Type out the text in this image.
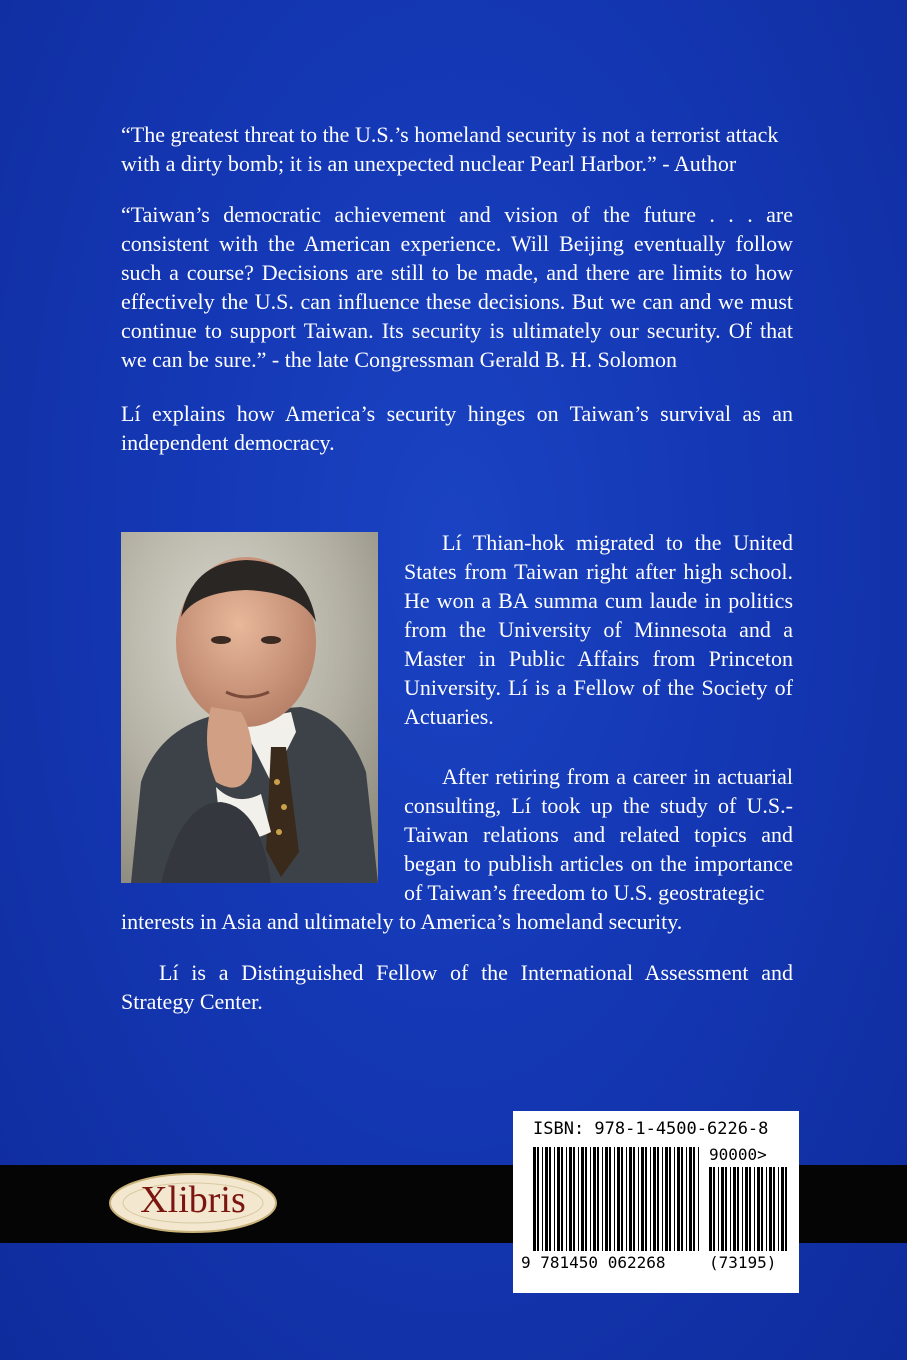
“The greatest threat to the U.S.’s homeland security is not a terrorist attack with a dirty bomb; it is an unexpected nuclear Pearl Harbor.” - Author

“Taiwan’s democratic achievement and vision of the future . . . are consistent with the American experience. Will Beijing eventually follow such a course? Decisions are still to be made, and there are limits to how effectively the U.S. can influence these decisions. But we can and we must continue to support Taiwan. Its security is ultimately our security. Of that we can be sure.” - the late Congressman Gerald B. H. Solomon

Lí explains how America’s security hinges on Taiwan’s survival as an independent democracy.

Lí Thian-hok migrated to the United States from Taiwan right after high school. He won a BA summa cum laude in politics from the University of Minnesota and a Master in Public Affairs from Princeton University. Lí is a Fellow of the Society of Actuaries.

After retiring from a career in actuarial consulting, Lí took up the study of U.S.-Taiwan relations and related topics and began to publish articles on the importance of Taiwan’s freedom to U.S. geostrategic

interests in Asia and ultimately to America’s homeland security.

Lí is a Distinguished Fellow of the International Assessment and Strategy Center.

Xlibris
ISBN: 978-1-4500-6226-8
90000>
9 781450 062268	(73195)
